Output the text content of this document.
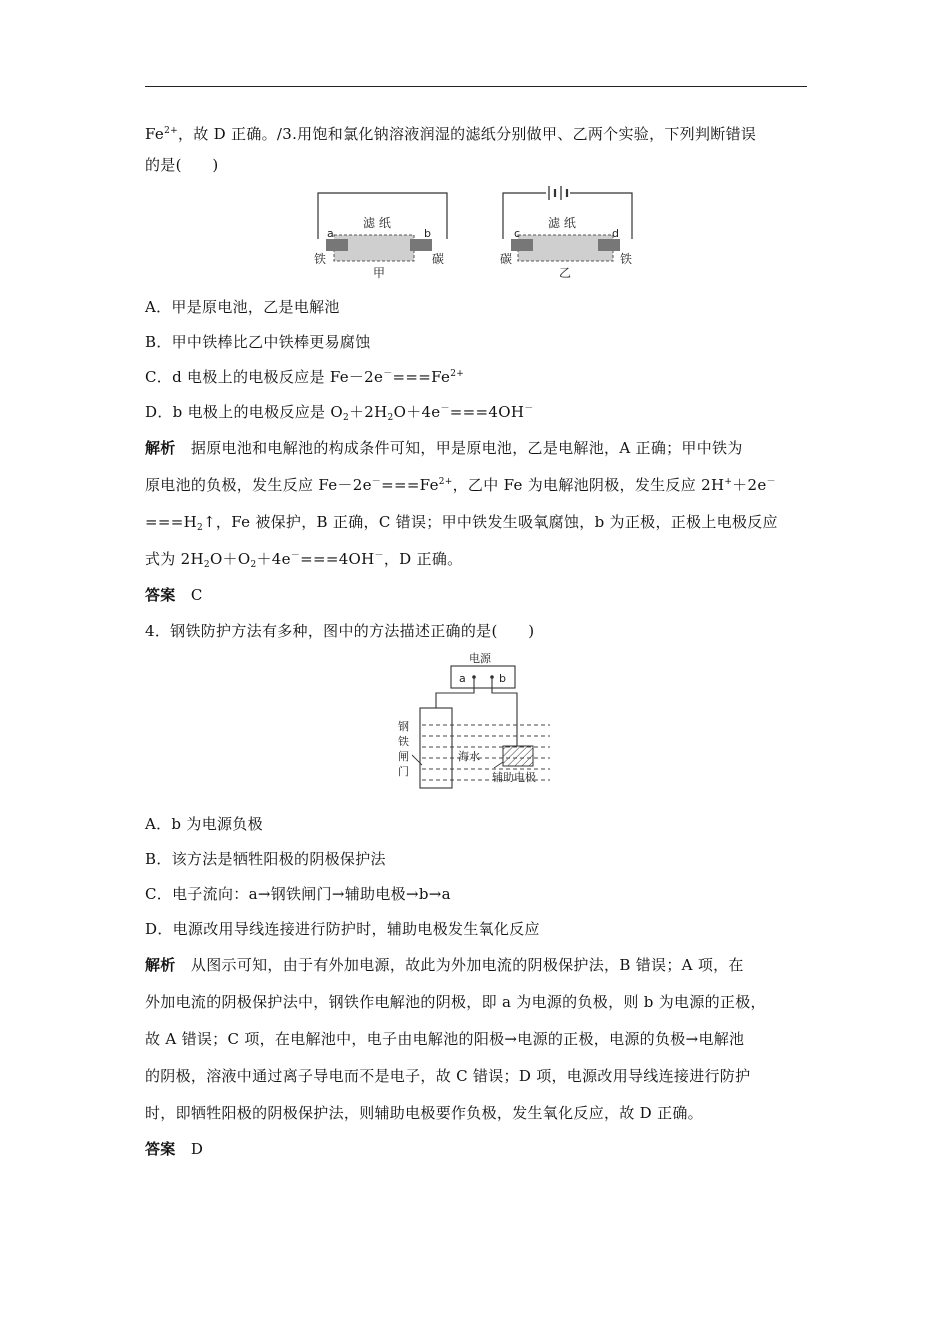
$Fe^{2+}$，故 D 正确。/3.用饱和氯化钠溶液润湿的滤纸分别做甲、乙两个实验，下列判断错误
的是(　　)
滤 纸
a	b
铁	碳
甲
滤 纸
c	d
碳	铁
乙
A．甲是原电池，乙是电解池
B．甲中铁棒比乙中铁棒更易腐蚀
C．d 电极上的电极反应是 $Fe-2e^-===Fe^{2+}$
D．b 电极上的电极反应是 $O_2+2H_2O+4e^-===4OH^-$
解析　 据原电池和电解池的构成条件可知，甲是原电池，乙是电解池，A 正确；甲中铁为
原电池的负极，发生反应 $Fe-2e^-===Fe^{2+}$，乙中 Fe 为电解池阴极，发生反应 2H+＋2e－
$===H_2↑$，Fe 被保护，B 正确，C 错误；甲中铁发生吸氧腐蚀，b 为正极，正极上电极反应
式为 $2H_2O+O_2+4e^-===4OH^-$，D 正确。
答案　 C
4．钢铁防护方法有多种，图中的方法描述正确的是(　　)
电源
a	b
钢
铁
闸
门
海水
辅助电极
A．b 为电源负极
B．该方法是牺牲阳极的阴极保护法
C．电子流向：a→钢铁闸门→辅助电极→b→a
D．电源改用导线连接进行防护时，辅助电极发生氧化反应
解析　 从图示可知，由于有外加电源，故此为外加电流的阴极保护法，B 错误；A 项，在
外加电流的阴极保护法中，钢铁作电解池的阴极，即 a 为电源的负极，则 b 为电源的正极，
故 A 错误；C 项，在电解池中，电子由电解池的阳极→电源的正极，电源的负极→电解池
的阴极，溶液中通过离子导电而不是电子，故 C 错误；D 项，电源改用导线连接进行防护
时，即牺牲阳极的阴极保护法，则辅助电极要作负极，发生氧化反应，故 D 正确。
答案　 D
